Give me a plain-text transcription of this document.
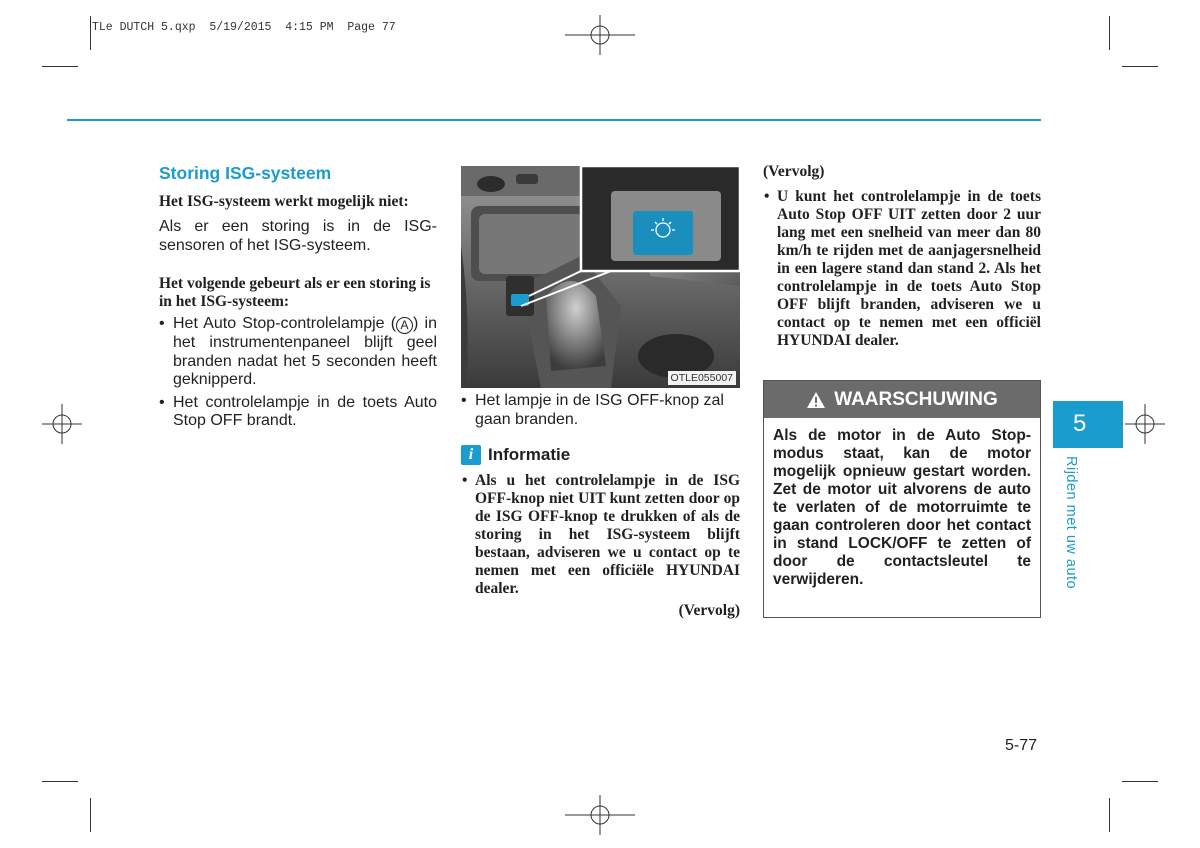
TLe DUTCH 5.qxp  5/19/2015  4:15 PM  Page 77
Storing ISG-systeem
Het ISG-systeem werkt mogelijk niet:
Als er een storing is in de ISG-sensoren of het ISG-systeem.
Het volgende gebeurt als er een storing is in het ISG-systeem:
• Het Auto Stop-controlelampje ( A ) in het instrumentenpaneel blijft geel branden nadat het 5 seconden heeft geknipperd.
• Het controlelampje in de toets Auto Stop OFF brandt.
OTLE055007
• Het lampje in de ISG OFF-knop zal gaan branden.
i Informatie
• Als u het controlelampje in de ISG OFF-knop niet UIT kunt zetten door op de ISG OFF-knop te drukken of als de storing in het ISG-systeem blijft bestaan, adviseren we u contact op te nemen met een officiële HYUNDAI dealer.
(Vervolg)
(Vervolg)
• U kunt het controlelampje in de toets Auto Stop OFF UIT zetten door 2 uur lang met een snelheid van meer dan 80 km/h te rijden met de aanjagersnelheid in een lagere stand dan stand 2. Als het controlelampje in de toets Auto Stop OFF blijft branden, adviseren we u contact op te nemen met een officiël HYUNDAI dealer.
WAARSCHUWING
Als de motor in de Auto Stop-modus staat, kan de motor mogelijk opnieuw gestart worden. Zet de motor uit alvorens de auto te verlaten of de motorruimte te gaan controleren door het contact in stand LOCK/OFF te zetten of door de contactsleutel te verwijderen.
5
Rijden met uw auto
5-77
